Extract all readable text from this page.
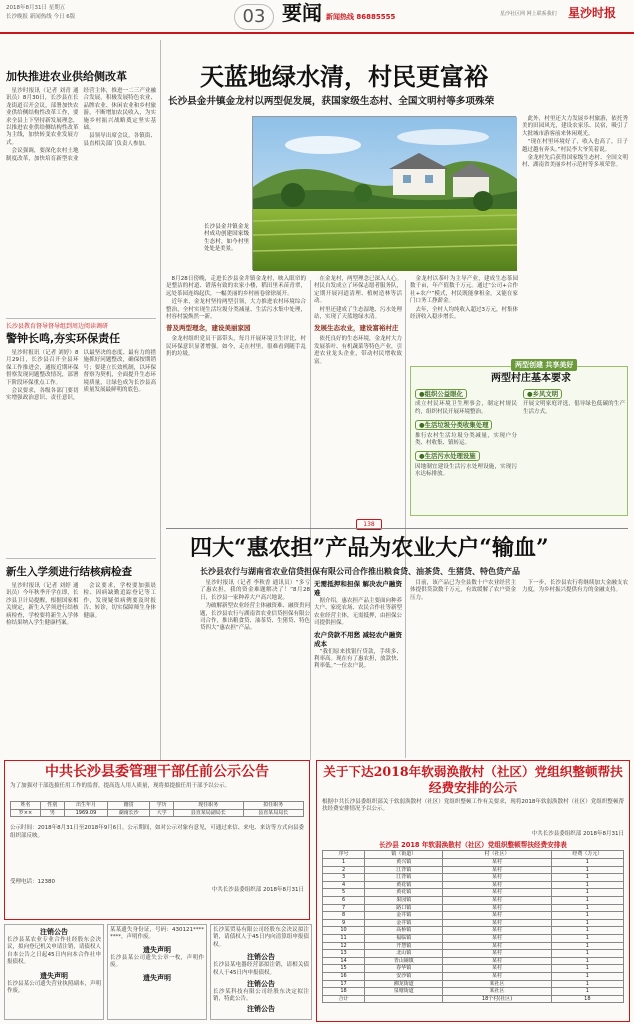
2018年8月31日 星期五
长沙晚报 新闻热线 今日 6版	03 要闻 新闻热线 86885555	星沙社区网 网上联系我们 星沙时报
加快推进农业供给侧改革

星沙时报讯（记者 刘青 通讯员）8月30日，长沙县在长龙街道召开会议，部署加快农业供给侧结构性改革工作，要求全县上下坚持新发展理念，以推进农业供给侧结构性改革为主线，加快转变农业发展方式。

会议强调，要深化农村土地制度改革，加快培育新型农业经营主体，推进一二三产业融合发展，积极发展特色农业、品牌农业、休闲农业和乡村旅游，不断增加农民收入，为实施乡村振兴战略奠定坚实基础。

县领导出席会议，各镇街、县直相关部门负责人参加。

长沙县教育督导督导组到周边阅读调研
警钟长鸣,夯实环保责任

星沙时报讯（记者 刘婷）8月29日，长沙县召开全县环保工作推进会，通报近期环保督察发现问题整改情况，部署下阶段环保重点工作。

会议要求，各级各部门要切实增强政治意识、责任意识，以最坚决的态度、最有力的措施抓好问题整改，确保按期销号；要建立长效机制，以环保督察为契机，全面提升生态环境质量，让绿色成为长沙县高质量发展最鲜明的底色。

新生入学须进行结核病检查

星沙时报讯（记者 刘婷 通讯员）今年秋季开学在即，长沙县卫计局提醒，根据国家相关规定，新生入学须进行结核病检查，学校要将新生入学体检结果纳入学生健康档案。

会议要求，学校要加强晨检、因病缺勤追踪登记等工作，发现疑似病例要及时报告、转诊，切实保障师生身体健康。

天蓝地绿水清，村民更富裕
长沙县金井镇金龙村以两型促发展，获国家级生态村、全国文明村等多项殊荣
长沙县金井镇金龙村成功创建国家级生态村，如今村里处处是美景。

8月28日傍晚，走进长沙县金井镇金龙村，映入眼帘的是整洁的村道、错落有致的农家小楼，稻田里禾苗青翠，远处茶园连绵起伏，一幅美丽的乡村画卷徐徐展开。

近年来，金龙村坚持两型引领，大力推进农村环境综合整治，全村实现生活垃圾分类减量、生活污水集中处理，村容村貌焕然一新。

普及两型理念，建设美丽家园

金龙村组织党员干部带头，每月开展环境卫生评比，村民环保意识显著增强。如今，走在村里，很难看到随手乱扔的垃圾。

在金龙村，两型理念已深入人心。村民自发成立了环保志愿者服务队，定期开展河道清理、植树造林等活动。

村里还建成了生态湿地、污水处理站，实现了天蓝地绿水清。

发展生态农业，建设富裕村庄

依托良好的生态环境，金龙村大力发展茶叶、有机蔬菜等特色产业，引进农业龙头企业，带动村民增收致富。

金龙村以茶叶为主导产业，建成生态茶园数千亩，年产值数千万元。通过“公司+合作社+农户”模式，村民既能拿租金，又能在家门口务工挣薪金。

去年，全村人均纯收入超过3万元，村集体经济收入稳步增长。

此外，村里还大力发展乡村旅游，依托秀美的田园风光，建设农家乐、民宿，吸引了大批城市游客前来休闲观光。

“现在村里环境好了，收入也高了，日子越过越有奔头。”村民李大爷笑着说。

金龙村先后获得国家级生态村、全国文明村、湖南省美丽乡村示范村等多项荣誉。

两型创建 共享美好
两型村庄基本要求
●组织公益眼化
成立村民环境卫生理事会，制定村规民约，组织村民开展环境整治。
●生活垃圾分类收集处理
推行农村生活垃圾分类减量，实现户分类、村收集、镇转运。
●生活污水处理设施
因地制宜建设生活污水处理设施，实现污水达标排放。
●乡风文明
开展文明家庭评选，倡导绿色低碳的生产生活方式。
138
四大“惠农担”产品为农业大户“输血”
长沙县农行与湖南省农业信贷担保有限公司合作推出粮食贷、油茶贷、生猪贷、特色贷产品

星沙时报讯（记者 李秋香 通讯员）“多亏了惠农担，我的资金难题解决了！”8月28日，长沙县一家种养大户高兴地说。

为破解新型农业经营主体融资难、融资贵问题，长沙县农行与湖南省农业信贷担保有限公司合作，推出粮食贷、油茶贷、生猪贷、特色贷四大“惠农担”产品。

无需抵押和担保 解决农户融资难

据介绍，惠农担产品主要面向种养大户、家庭农场、农民合作社等新型农业经营主体，无需抵押，由担保公司提供担保。

农户贷款不用愁 减轻农户融资成本

“我们原来找银行贷款，手续多、利率高。现在有了惠农担，放款快、利率低。”一位农户说。

目前，该产品已为全县数十户农业经营主体提供贷款数千万元，有效缓解了农户资金压力。

下一步，长沙县农行将继续加大金融支农力度，为乡村振兴提供有力的金融支持。

中共长沙县委管理干部任前公示公告
为了加强对干部选拔任用工作的监督，提高选人用人质量，现将拟提拔任用干部予以公示。
姓名	性别	出生年月	籍贯	学历	现任职务	拟任职务
罗××	男	1969.09	湖南长沙	大学	县直某局副局长	县直某局局长
公示时间：2018年8月31日至2018年9月6日。公示期间，如对公示对象有意见，可通过来信、来电、来访等方式向县委组织部反映。
受理电话：12380
中共长沙县委组织部 2018年8月31日
关于下达2018年软弱涣散村（社区）党组织整顿帮扶经费安排的公示
根据中共长沙县委组织部关于软弱涣散村（社区）党组织整顿工作有关要求，现将2018年软弱涣散村（社区）党组织整顿帮扶经费安排情况予以公示。
中共长沙县委组织部 2018年8月31日
长沙县 2018 年软弱涣散村（社区）党组织整顿帮扶经费安排表
序号	镇（街道）	村（社区）	经费（万元）
1	黄兴镇	某村	1
2	江背镇	某村	1
3	江背镇	某村	1
4	黄花镇	某村	1
5	黄花镇	某村	1
6	果园镇	某村	1
7	路口镇	某村	1
8	金井镇	某村	1
9	金井镇	某村	1
10	高桥镇	某村	1
11	福临镇	某村	1
12	开慧镇	某村	1
13	北山镇	某村	1
14	青山铺镇	某村	1
15	春华镇	某村	1
16	安沙镇	某村	1
17	湘龙街道	某社区	1
18	泉塘街道	某社区	1
合计		18个村(社区)	18
注销公告
长沙县某农业专业合作社经股东会决议，拟向登记机关申请注销，请债权人自本公告之日起45日内向本合作社申报债权。
遗失声明
长沙县某公司遗失营业执照副本，声明作废。
某某遗失身份证，号码：430121********，声明作废。
遗失声明
长沙县某公司遗失公章一枚，声明作废。
遗失声明
长沙某贸易有限公司经股东会决议拟注销，请债权人于45日内向清算组申报债权。
注销公告
长沙县某电器经营部拟注销，请相关债权人于45日内申报债权。
注销公告
长沙某科技有限公司经股东决定拟注销，特此公告。
注销公告
